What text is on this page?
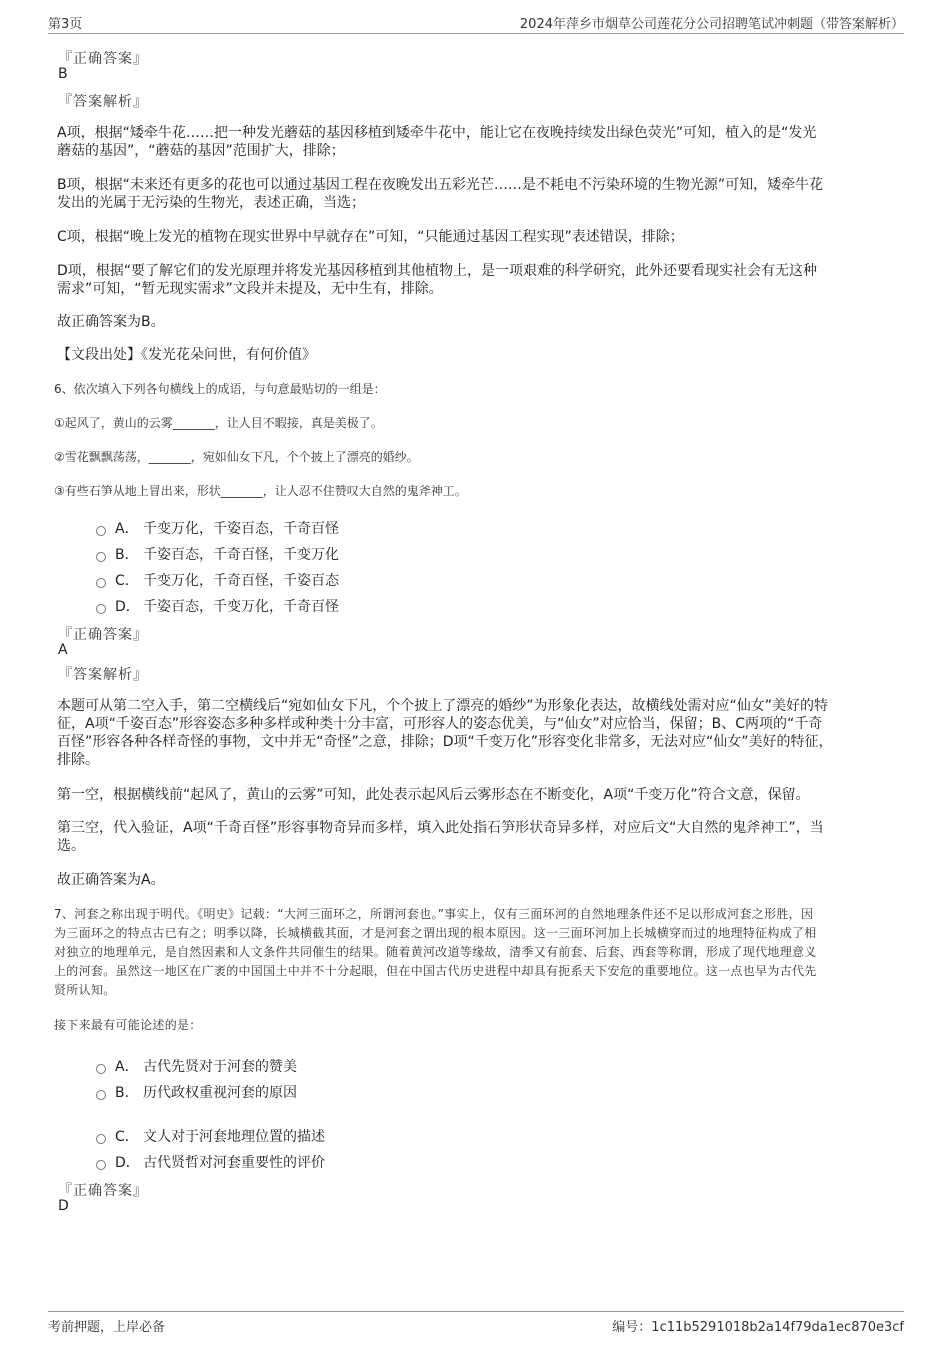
第3页	2024年萍乡市烟草公司莲花分公司招聘笔试冲刺题（带答案解析）
『正确答案』
B
『答案解析』
A项，根据“矮牵牛花……把一种发光蘑菇的基因移植到矮牵牛花中，能让它在夜晚持续发出绿色荧光”可知，植入的是“发光
蘑菇的基因”，“蘑菇的基因”范围扩大，排除；
B项，根据“未来还有更多的花也可以通过基因工程在夜晚发出五彩光芒……是不耗电不污染环境的生物光源”可知，矮牵牛花
发出的光属于无污染的生物光，表述正确，当选；
C项，根据“晚上发光的植物在现实世界中早就存在”可知，“只能通过基因工程实现”表述错误，排除；
D项，根据“要了解它们的发光原理并将发光基因移植到其他植物上，是一项艰难的科学研究，此外还要看现实社会有无这种
需求”可知，“暂无现实需求”文段并未提及，无中生有，排除。
故正确答案为B。
【文段出处】《发光花朵问世，有何价值》
6、依次填入下列各句横线上的成语，与句意最贴切的一组是：
①起风了，黄山的云雾_______，让人目不暇接，真是美极了。
②雪花飘飘荡荡，_______，宛如仙女下凡，个个披上了漂亮的婚纱。
③有些石笋从地上冒出来，形状_______，让人忍不住赞叹大自然的鬼斧神工。
A． 千变万化，千姿百态，千奇百怪
B． 千姿百态，千奇百怪，千变万化
C． 千变万化，千奇百怪，千姿百态
D． 千姿百态，千变万化，千奇百怪
『正确答案』
A
『答案解析』
本题可从第二空入手，第二空横线后“宛如仙女下凡，个个披上了漂亮的婚纱”为形象化表达，故横线处需对应“仙女”美好的特
征，A项“千姿百态”形容姿态多种多样或种类十分丰富，可形容人的姿态优美，与“仙女”对应恰当，保留；B、C两项的“千奇
百怪”形容各种各样奇怪的事物，文中并无“奇怪”之意，排除；D项“千变万化”形容变化非常多，无法对应“仙女”美好的特征，
排除。
第一空，根据横线前“起风了，黄山的云雾”可知，此处表示起风后云雾形态在不断变化，A项“千变万化”符合文意，保留。
第三空，代入验证，A项“千奇百怪”形容事物奇异而多样，填入此处指石笋形状奇异多样，对应后文“大自然的鬼斧神工”，当
选。
故正确答案为A。
7、河套之称出现于明代。《明史》记载：“大河三面环之，所谓河套也。”事实上，仅有三面环河的自然地理条件还不足以形成河套之形胜，因
为三面环之的特点古已有之；明季以降，长城横截其面，才是河套之谓出现的根本原因。这一三面环河加上长城横穿而过的地理特征构成了相
对独立的地理单元，是自然因素和人文条件共同催生的结果。随着黄河改道等缘故，清季又有前套、后套、西套等称谓，形成了现代地理意义
上的河套。虽然这一地区在广袤的中国国土中并不十分起眼，但在中国古代历史进程中却具有扼系天下安危的重要地位。这一点也早为古代先
贤所认知。
接下来最有可能论述的是：
A． 古代先贤对于河套的赞美
B． 历代政权重视河套的原因
C． 文人对于河套地理位置的描述
D． 古代贤哲对河套重要性的评价
『正确答案』
D
考前押题，上岸必备	编号：1c11b5291018b2a14f79da1ec870e3cf
